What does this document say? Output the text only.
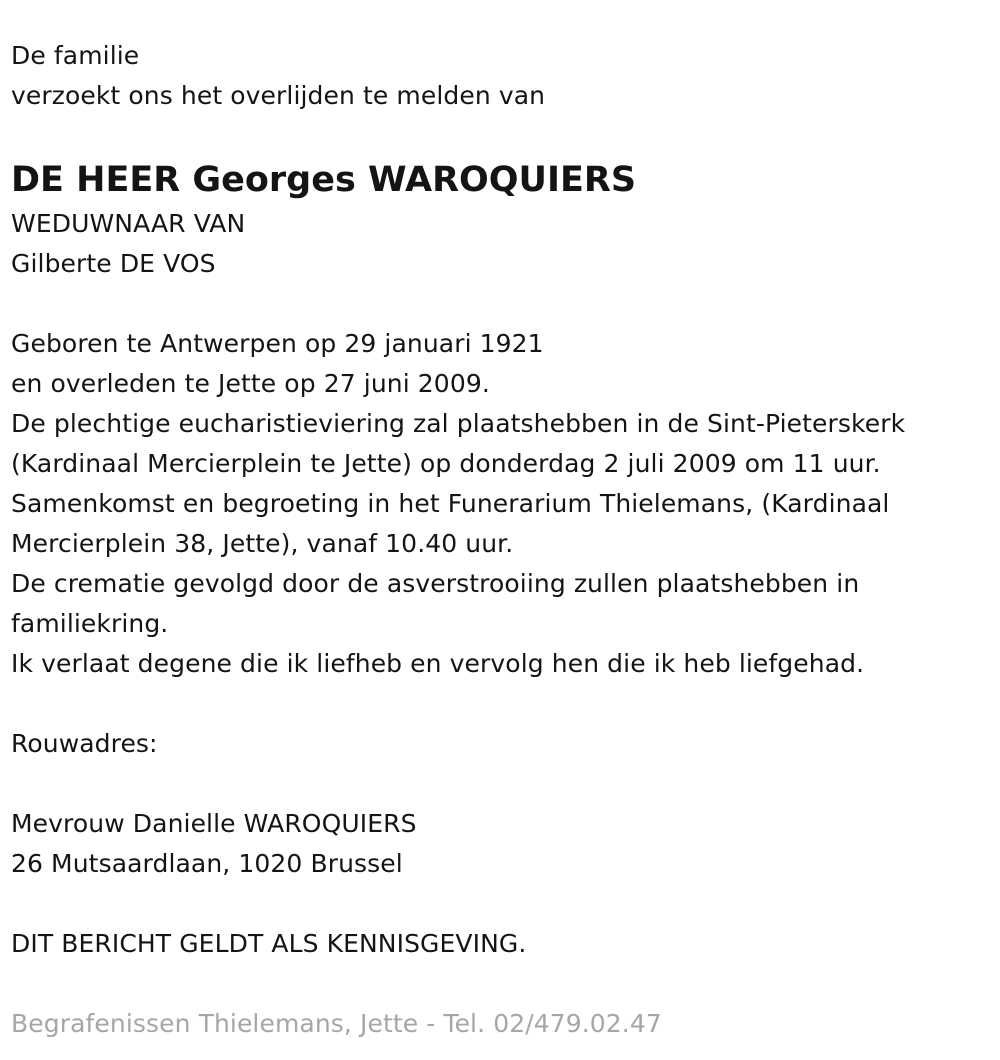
De familie
verzoekt ons het overlijden te melden van
DE HEER Georges WAROQUIERS
WEDUWNAAR VAN
Gilberte DE VOS
Geboren te Antwerpen op 29 januari 1921
en overleden te Jette op 27 juni 2009.
De plechtige eucharistieviering zal plaatshebben in de Sint-Pieterskerk
(Kardinaal Mercierplein te Jette) op donderdag 2 juli 2009 om 11 uur.
Samenkomst en begroeting in het Funerarium Thielemans, (Kardinaal
Mercierplein 38, Jette), vanaf 10.40 uur.
De crematie gevolgd door de asverstrooiing zullen plaatshebben in
familiekring.
Ik verlaat degene die ik liefheb en vervolg hen die ik heb liefgehad.
Rouwadres:
Mevrouw Danielle WAROQUIERS
26 Mutsaardlaan, 1020 Brussel
DIT BERICHT GELDT ALS KENNISGEVING.
Begrafenissen Thielemans, Jette - Tel. 02/479.02.47
